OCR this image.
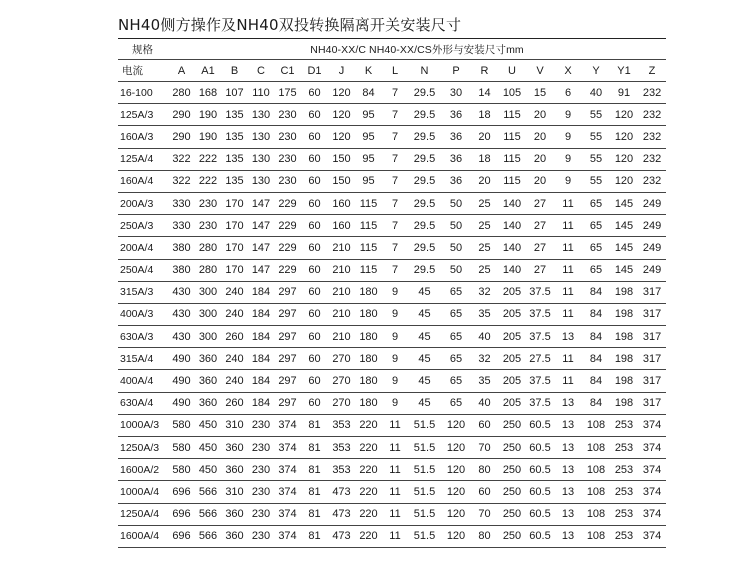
NH40侧方操作及NH40双投转换隔离开关安装尺寸
规格	NH40-XX/C NH40-XX/CS外形与安装尺寸mm																	
电流	A	A1	B	C	C1	D1	J	K	L	N	P	R	U	V	X	Y	Y1	Z
16-100	280	168	107	110	175	60	120	84	7	29.5	30	14	105	15	6	40	91	232
125A/3	290	190	135	130	230	60	120	95	7	29.5	36	18	115	20	9	55	120	232
160A/3	290	190	135	130	230	60	120	95	7	29.5	36	20	115	20	9	55	120	232
125A/4	322	222	135	130	230	60	150	95	7	29.5	36	18	115	20	9	55	120	232
160A/4	322	222	135	130	230	60	150	95	7	29.5	36	20	115	20	9	55	120	232
200A/3	330	230	170	147	229	60	160	115	7	29.5	50	25	140	27	11	65	145	249
250A/3	330	230	170	147	229	60	160	115	7	29.5	50	25	140	27	11	65	145	249
200A/4	380	280	170	147	229	60	210	115	7	29.5	50	25	140	27	11	65	145	249
250A/4	380	280	170	147	229	60	210	115	7	29.5	50	25	140	27	11	65	145	249
315A/3	430	300	240	184	297	60	210	180	9	45	65	32	205	37.5	11	84	198	317
400A/3	430	300	240	184	297	60	210	180	9	45	65	35	205	37.5	11	84	198	317
630A/3	430	300	260	184	297	60	210	180	9	45	65	40	205	37.5	13	84	198	317
315A/4	490	360	240	184	297	60	270	180	9	45	65	32	205	27.5	11	84	198	317
400A/4	490	360	240	184	297	60	270	180	9	45	65	35	205	37.5	11	84	198	317
630A/4	490	360	260	184	297	60	270	180	9	45	65	40	205	37.5	13	84	198	317
1000A/3	580	450	310	230	374	81	353	220	11	51.5	120	60	250	60.5	13	108	253	374
1250A/3	580	450	360	230	374	81	353	220	11	51.5	120	70	250	60.5	13	108	253	374
1600A/2	580	450	360	230	374	81	353	220	11	51.5	120	80	250	60.5	13	108	253	374
1000A/4	696	566	310	230	374	81	473	220	11	51.5	120	60	250	60.5	13	108	253	374
1250A/4	696	566	360	230	374	81	473	220	11	51.5	120	70	250	60.5	13	108	253	374
1600A/4	696	566	360	230	374	81	473	220	11	51.5	120	80	250	60.5	13	108	253	374
